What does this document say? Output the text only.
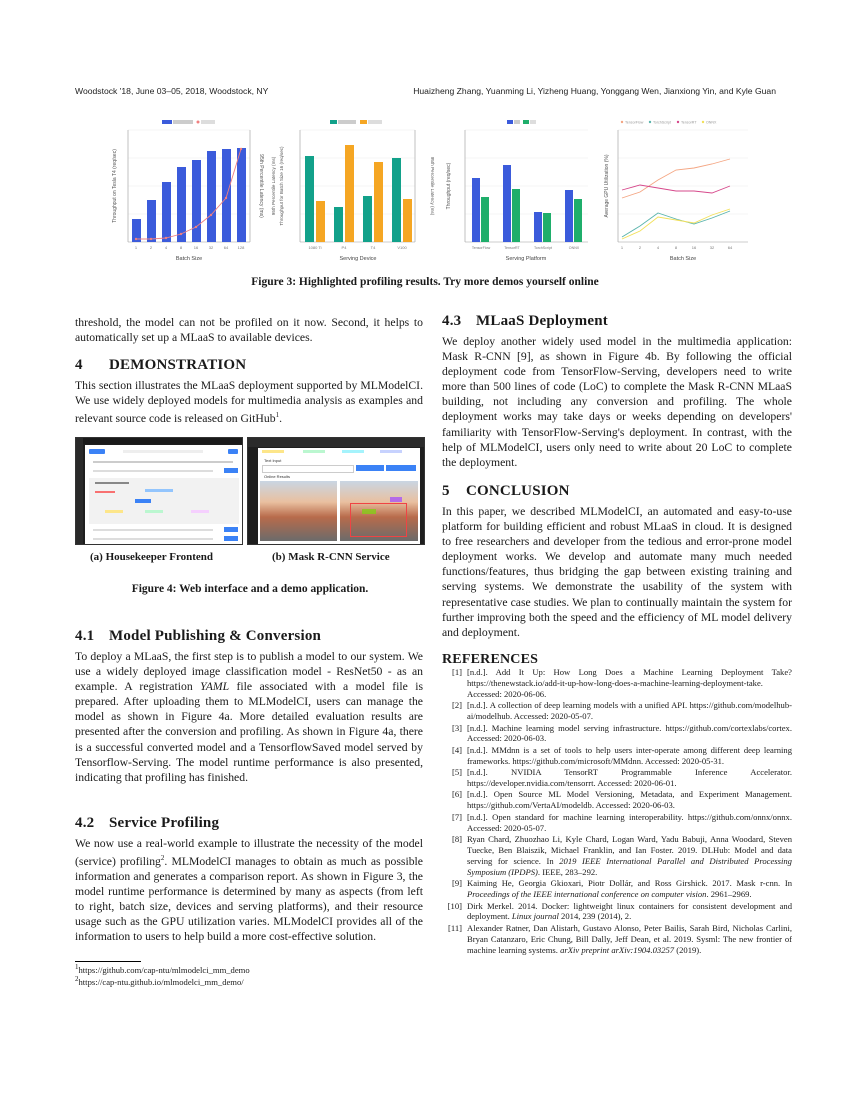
Woodstock '18, June 03–05, 2018, Woodstock, NY	Huaizheng Zhang, Yuanming Li, Yizheng Huang, Yonggang Wen, Jianxiong Yin, and Kyle Guan
Throughput on Tesla T4 (req/sec)	95th Percentile Latency (ms)
1	2	4	8	16	32	64 128
Batch Size
95th Percentile Latency (ms) Throughput for Batch Size 16 (req/sec)	95th Percentile Latency (ms)
1080 Ti	P4	T4	V100
Serving Device
Throughput (req/sec)
TensorFlow	TensorRT	TorchScript	ONNX
Serving Platform
TensorFlow	TorchScript	TensorRT	ONNX
Average GPU Utilization (%)
1	2	4	8	16	32	64
Batch Size
Figure 3: Highlighted profiling results. Try more demos yourself online

threshold, the model can not be profiled on it now. Second, it helps to automatically set up a MLaaS to available devices.

4 DEMONSTRATION

This section illustrates the MLaaS deployment supported by MLModelCI. We use widely deployed models for multimedia analysis as examples and relevant source code is released on GitHub$^1$.

Text Input
Online Results
(a) Housekeeper Frontend	(b) Mask R-CNN Service
Figure 4: Web interface and a demo application.
4.1 Model Publishing & Conversion

To deploy a MLaaS, the first step is to publish a model to our system. We use a widely deployed image classification model - ResNet50 - as an example. A registration YAML file associated with a model file is prepared. After uploading them to MLModelCI, users can manage the model as shown in Figure 4a. More detailed evaluation results are presented after the conversion and profiling. As shown in Figure 4a, there is a successful converted model and a TensorflowSaved model served by Tensorflow-Serving. The model runtime performance is also presented, indicating that profiling has finished.

4.2 Service Profiling

We now use a real-world example to illustrate the necessity of the model (service) profiling$^2$. MLModelCI manages to obtain as much as possible information and generates a comparison report. As shown in Figure 3, the model runtime performance is determined by many as aspects (from left to right, batch size, devices and serving platforms), and their resource usage such as the GPU utilization varies. MLModelCI provides all of the information to users to help build a more cost-effective solution.

$^1$https://github.com/cap-ntu/mlmodelci_mm_demo
$^2$https://cap-ntu.github.io/mlmodelci_mm_demo/
4.3 MLaaS Deployment

We deploy another widely used model in the multimedia application: Mask R-CNN [9], as shown in Figure 4b. By following the official deployment code from TensorFlow-Serving, developers need to write more than 500 lines of code (LoC) to complete the Mask R-CNN MLaaS building, not including any conversion and profiling. The whole deployment works may take days or weeks depending on developers' familiarity with TensorFlow-Serving's deployment. In contrast, with the help of MLModelCI, users only need to write about 20 LoC to complete the deployment.

5 CONCLUSION

In this paper, we described MLModelCI, an automated and easy-to-use platform for building efficient and robust MLaaS in cloud. It is designed to free researchers and developer from the tedious and error-prone model deployment works. We develop and automate many much needed functions/features, thus bridging the gap between existing training and serving systems. We demonstrate the usability of the system with representative case studies. We plan to continually maintain the system for further improving both the speed and the efficiency of ML model delivery and deployment.

REFERENCES
[1] [n.d.]. Add It Up: How Long Does a Machine Learning Deployment Take? https://thenewstack.io/add-it-up-how-long-does-a-machine-learning-deployment-take. Accessed: 2020-06-06.
[2] [n.d.]. A collection of deep learning models with a unified API. https://github.com/modelhub-ai/modelhub. Accessed: 2020-05-07.
[3] [n.d.]. Machine learning model serving infrastructure. https://github.com/cortexlabs/cortex. Accessed: 2020-06-03.
[4] [n.d.]. MMdnn is a set of tools to help users inter-operate among different deep learning frameworks. https://github.com/microsoft/MMdnn. Accessed: 2020-05-31.
[5] [n.d.]. NVIDIA TensorRT Programmable Inference Accelerator. https://developer.nvidia.com/tensorrt. Accessed: 2020-06-01.
[6] [n.d.]. Open Source ML Model Versioning, Metadata, and Experiment Management. https://github.com/VertaAI/modeldb. Accessed: 2020-06-03.
[7] [n.d.]. Open standard for machine learning interoperability. https://github.com/onnx/onnx. Accessed: 2020-05-07.
[8] Ryan Chard, Zhuozhao Li, Kyle Chard, Logan Ward, Yadu Babuji, Anna Woodard, Steven Tuecke, Ben Blaiszik, Michael Franklin, and Ian Foster. 2019. DLHub: Model and data serving for science. In 2019 IEEE International Parallel and Distributed Processing Symposium (IPDPS). IEEE, 283–292.
[9] Kaiming He, Georgia Gkioxari, Piotr Dollár, and Ross Girshick. 2017. Mask r-cnn. In Proceedings of the IEEE international conference on computer vision. 2961–2969.
[10] Dirk Merkel. 2014. Docker: lightweight linux containers for consistent development and deployment. Linux journal 2014, 239 (2014), 2.
[11] Alexander Ratner, Dan Alistarh, Gustavo Alonso, Peter Bailis, Sarah Bird, Nicholas Carlini, Bryan Catanzaro, Eric Chung, Bill Dally, Jeff Dean, et al. 2019. Sysml: The new frontier of machine learning systems. arXiv preprint arXiv:1904.03257 (2019).
